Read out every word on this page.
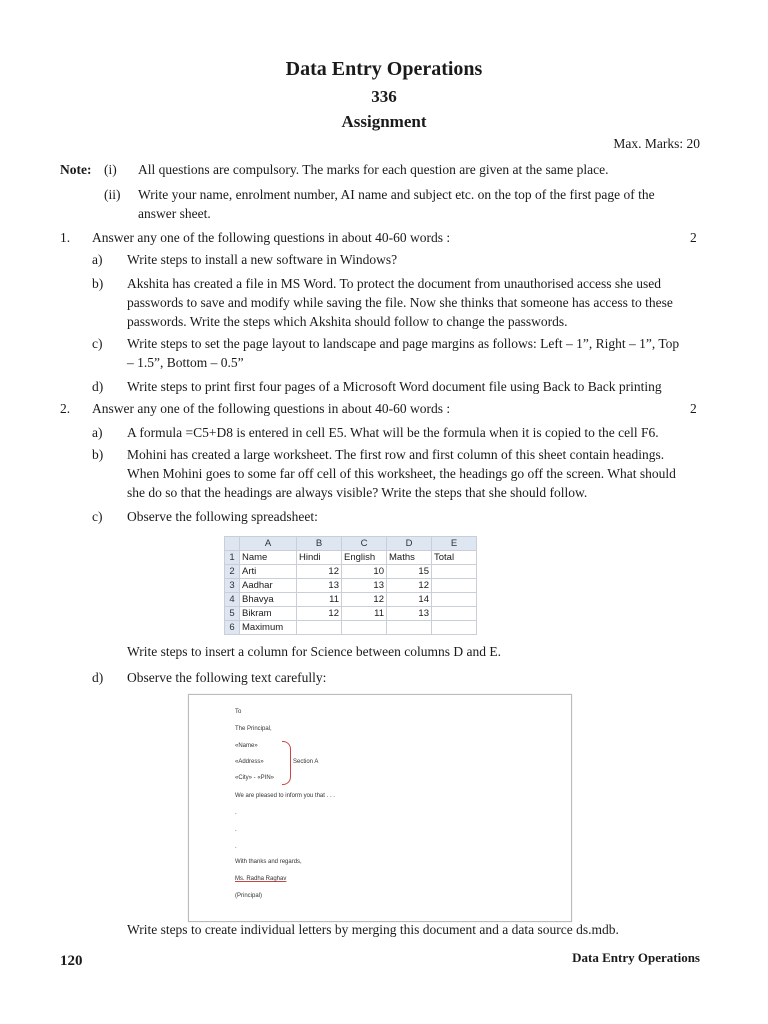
Data Entry Operations
336
Assignment
Max. Marks: 20
Note: (i) All questions are compulsory. The marks for each question are given at the same place.
(ii) Write your name, enrolment number, AI name and subject etc. on the top of the first page of the
answer sheet.
1. Answer any one of the following questions in about 40-60 words :	2
a) Write steps to install a new software in Windows?
b) Akshita has created a file in MS Word. To protect the document from unauthorised access she used
passwords to save and modify while saving the file. Now she thinks that someone has access to these
passwords. Write the steps which Akshita should follow to change the passwords.
c) Write steps to set the page layout to landscape and page margins as follows: Left – 1”, Right – 1”, Top
– 1.5”, Bottom – 0.5”
d) Write steps to print first four pages of a Microsoft Word document file using Back to Back printing
2. Answer any one of the following questions in about 40-60 words :	2
a) A formula =C5+D8 is entered in cell E5. What will be the formula when it is copied to the cell F6.
b) Mohini has created a large worksheet. The first row and first column of this sheet contain headings.
When Mohini goes to some far off cell of this worksheet, the headings go off the screen. What should
she do so that the headings are always visible? Write the steps that she should follow.
c) Observe the following spreadsheet:
	A	B	C	D	E
1	Name	Hindi	English	Maths	Total
2	Arti	12	10	15	
3	Aadhar	13	13	12	
4	Bhavya	11	12	14	
5	Bikram	12	11	13	
6	Maximum				
Write steps to insert a column for Science between columns D and E.
d) Observe the following text carefully:
To
The Principal,
«Name»
«Address»
«City» - «PIN»
Section A
We are pleased to inform you that . . .
.
.
.
With thanks and regards,
Ms. Radha Raghav
(Principal)
Write steps to create individual letters by merging this document and a data source ds.mdb.
120	Data Entry Operations
